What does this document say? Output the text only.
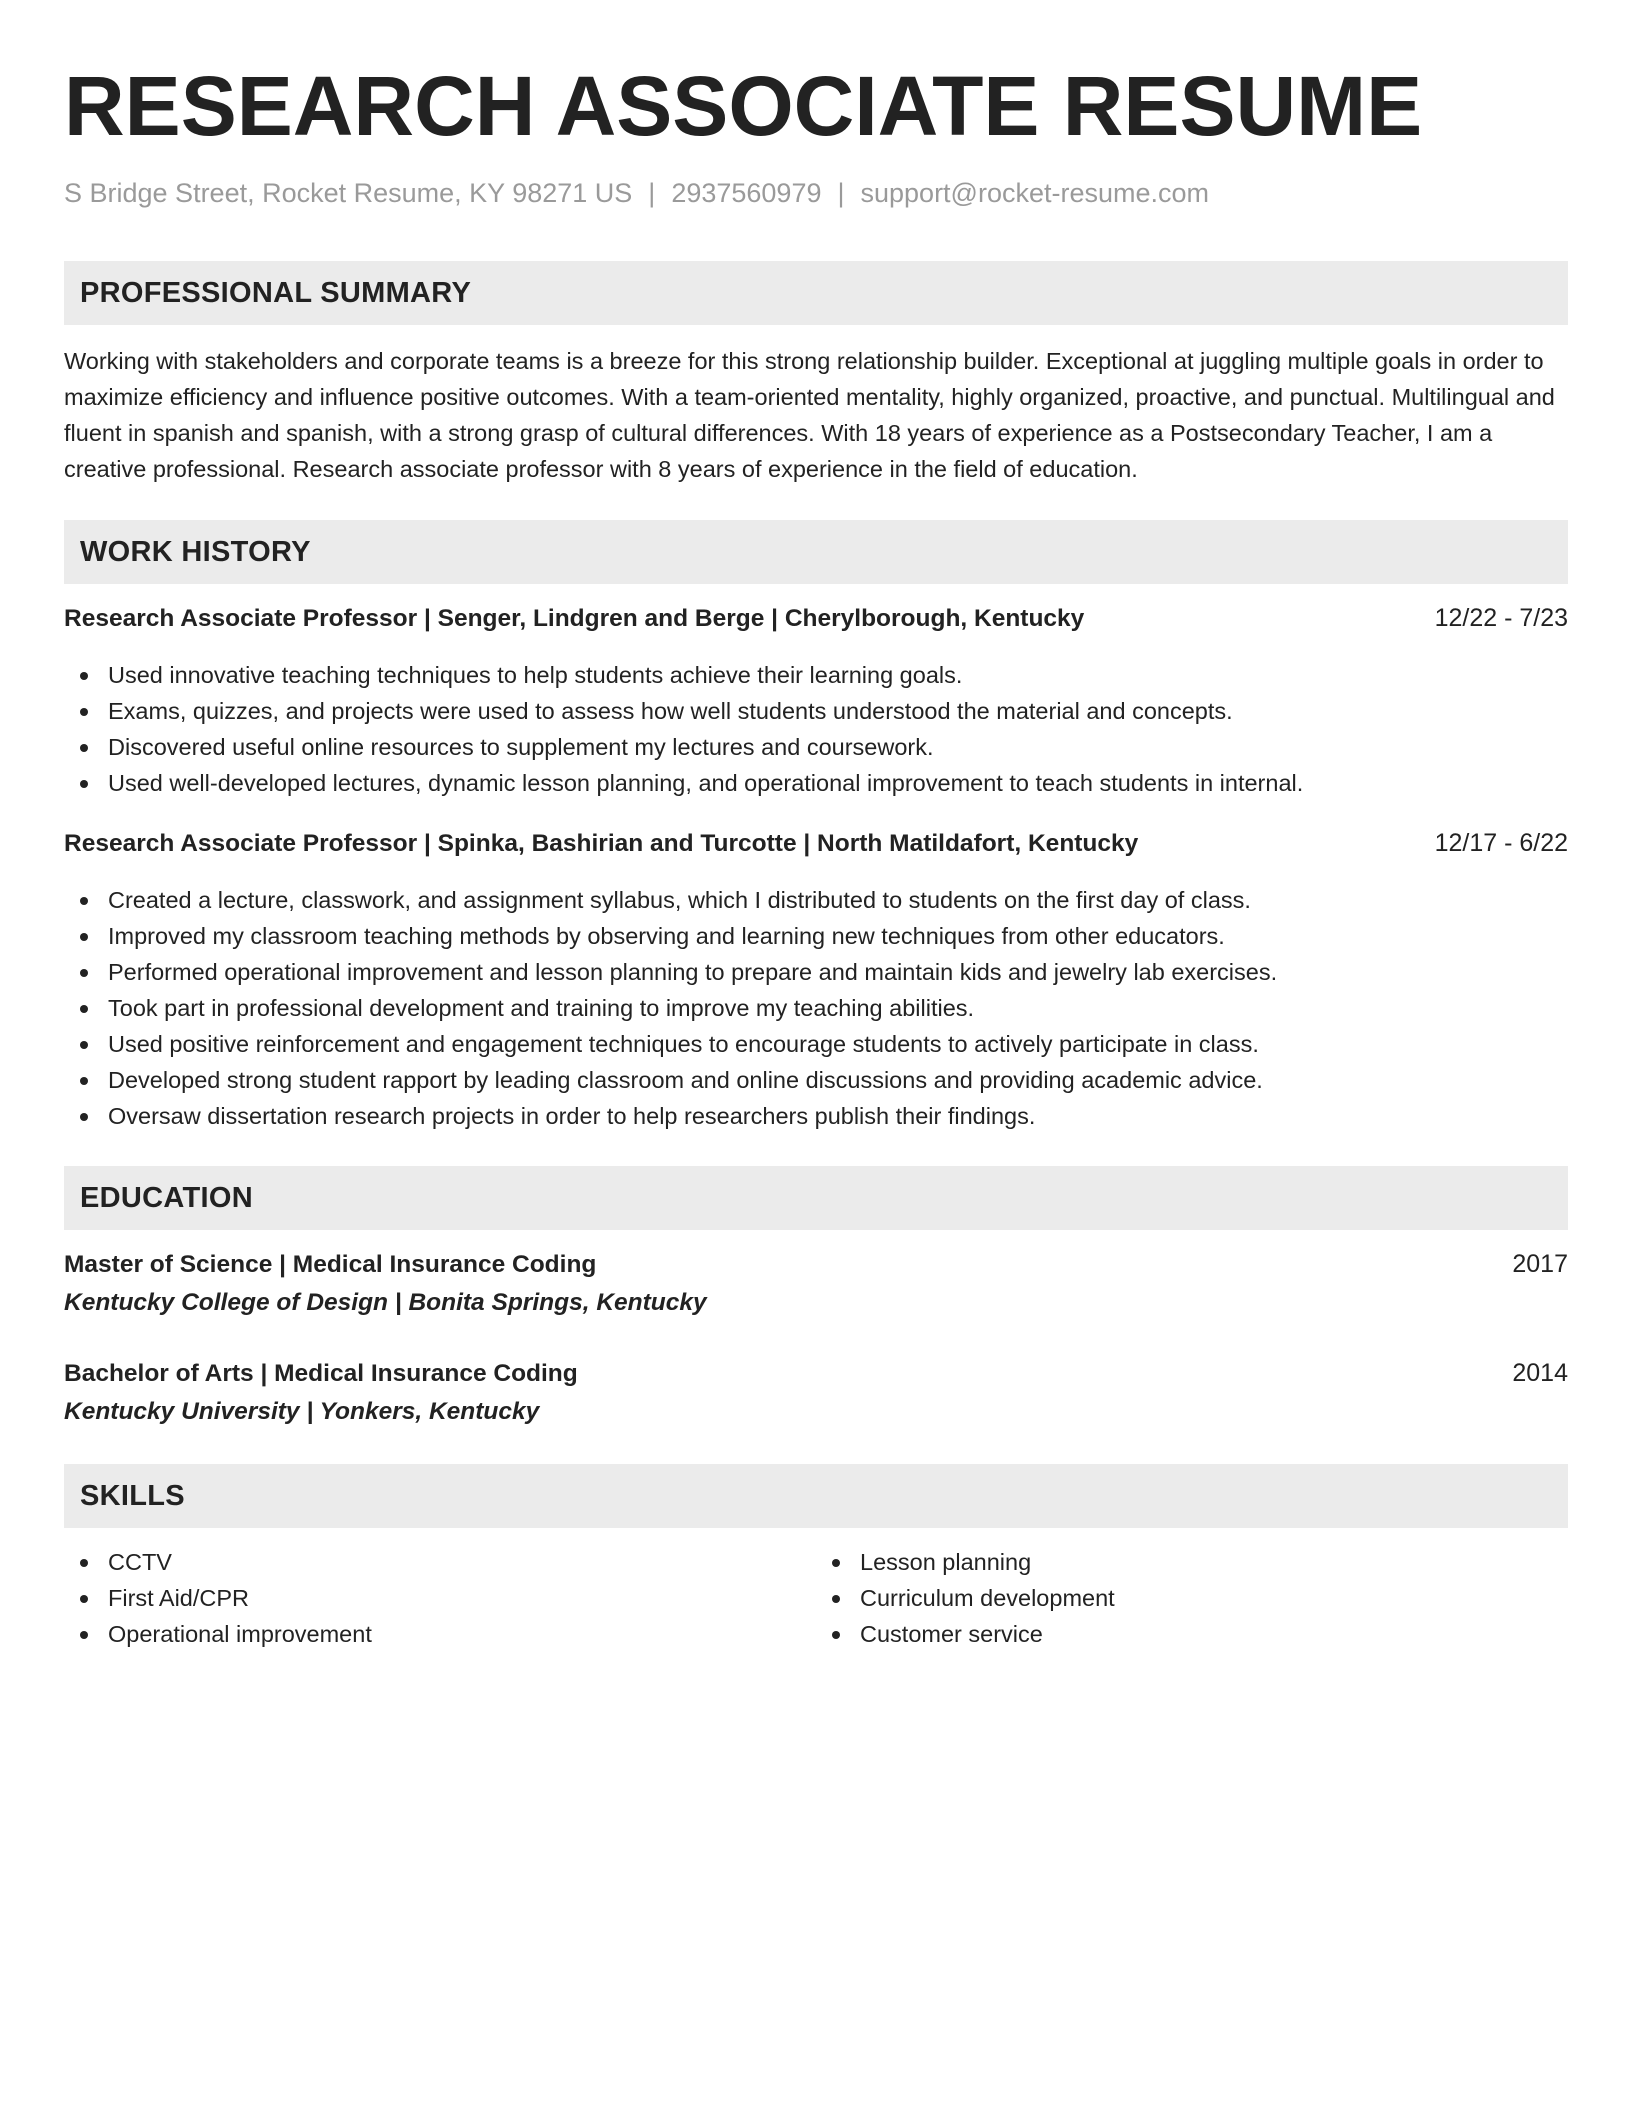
RESEARCH ASSOCIATE RESUME
S Bridge Street, Rocket Resume, KY 98271 US | 2937560979 | support@rocket-resume.com
PROFESSIONAL SUMMARY

Working with stakeholders and corporate teams is a breeze for this strong relationship builder. Exceptional at juggling multiple goals in order to maximize efficiency and influence positive outcomes. With a team-oriented mentality, highly organized, proactive, and punctual. Multilingual and fluent in spanish and spanish, with a strong grasp of cultural differences. With 18 years of experience as a Postsecondary Teacher, I am a creative professional. Research associate professor with 8 years of experience in the field of education.

WORK HISTORY
Research Associate Professor | Senger, Lindgren and Berge | Cherylborough, Kentucky	12/22 - 7/23
Used innovative teaching techniques to help students achieve their learning goals.
Exams, quizzes, and projects were used to assess how well students understood the material and concepts.
Discovered useful online resources to supplement my lectures and coursework.
Used well-developed lectures, dynamic lesson planning, and operational improvement to teach students in internal.
Research Associate Professor | Spinka, Bashirian and Turcotte | North Matildafort, Kentucky	12/17 - 6/22
Created a lecture, classwork, and assignment syllabus, which I distributed to students on the first day of class.
Improved my classroom teaching methods by observing and learning new techniques from other educators.
Performed operational improvement and lesson planning to prepare and maintain kids and jewelry lab exercises.
Took part in professional development and training to improve my teaching abilities.
Used positive reinforcement and engagement techniques to encourage students to actively participate in class.
Developed strong student rapport by leading classroom and online discussions and providing academic advice.
Oversaw dissertation research projects in order to help researchers publish their findings.
EDUCATION
Master of Science | Medical Insurance Coding	2017
Kentucky College of Design | Bonita Springs, Kentucky
Bachelor of Arts | Medical Insurance Coding	2014
Kentucky University | Yonkers, Kentucky
SKILLS
CCTV
First Aid/CPR
Operational improvement
Lesson planning
Curriculum development
Customer service
